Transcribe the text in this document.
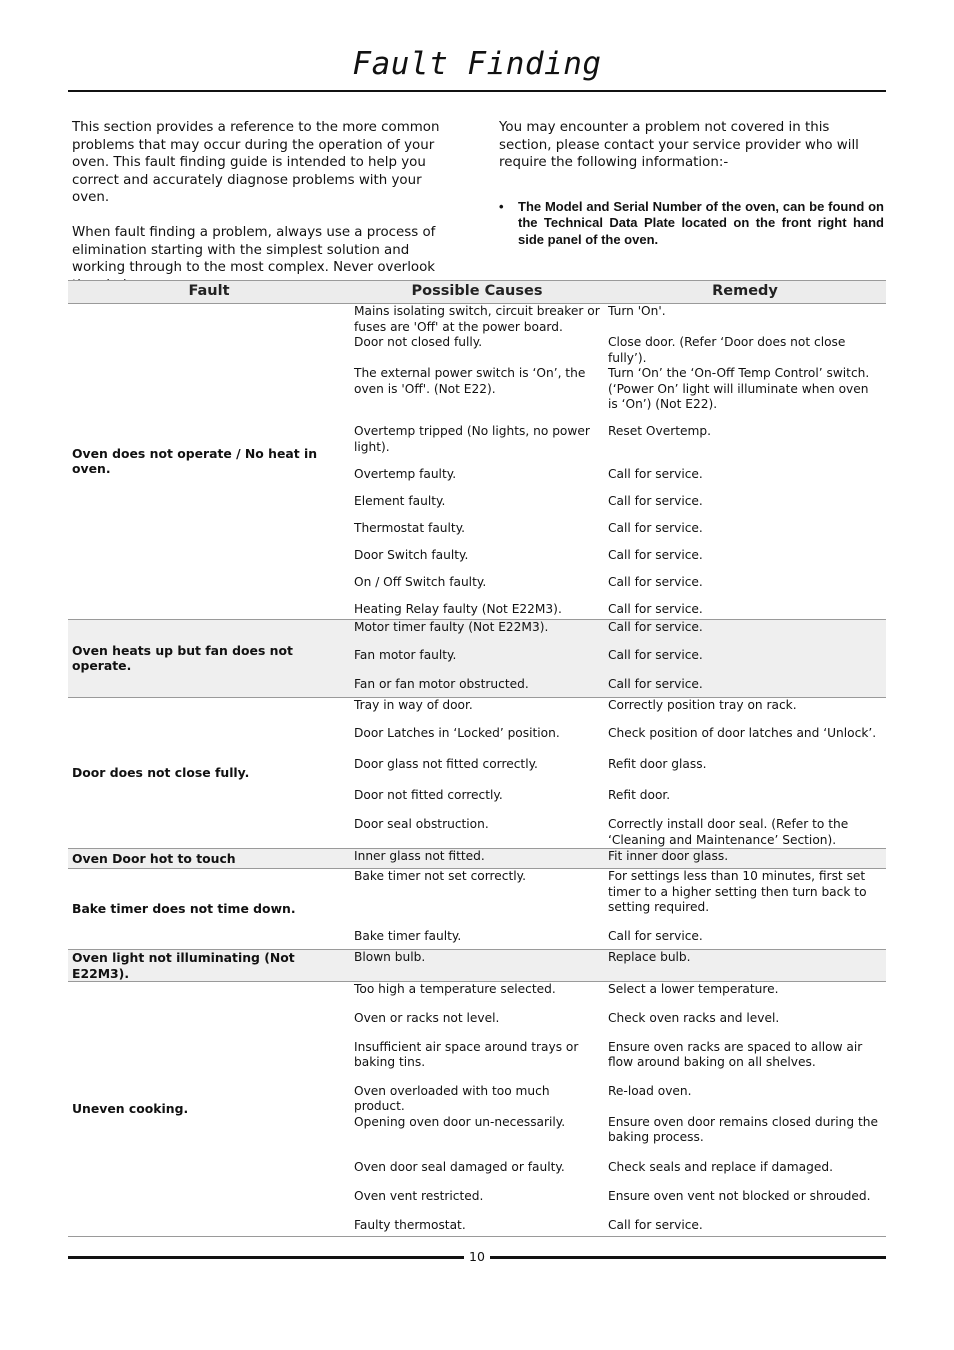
Fault Finding

This section provides a reference to the more common problems that may occur during the operation of your oven. This fault finding guide is intended to help you correct and accurately diagnose problems with your oven.

When fault finding a problem, always use a process of elimination starting with the simplest solution and working through to the most complex. Never overlook

You may encounter a problem not covered in this section, please contact your service provider who will require the following information:-

• The Model and Serial Number of the oven, can be found on the Technical Data Plate located on the front right hand side panel of the oven.
Fault	Possible Causes	Remedy
Oven does not operate / No heat in oven.	Mains isolating switch, circuit breaker or fuses are 'Off' at the power board.	Turn 'On'.
	Door not closed fully.	Close door. (Refer ‘Door does not close fully’).
	The external power switch is ‘On’, the oven is 'Off'. (Not E22).	Turn ‘On’ the ‘On-Off Temp Control’ switch. (‘Power On’ light will illuminate when oven is ‘On’) (Not E22).
	Overtemp tripped (No lights, no power light).	Reset Overtemp.
	Overtemp faulty.	Call for service.
	Element faulty.	Call for service.
	Thermostat faulty.	Call for service.
	Door Switch faulty.	Call for service.
	On / Off Switch faulty.	Call for service.
	Heating Relay faulty (Not E22M3).	Call for service.
Oven heats up but fan does not operate.	Motor timer faulty (Not E22M3).	Call for service.
	Fan motor faulty.	Call for service.
	Fan or fan motor obstructed.	Call for service.
Door does not close fully.	Tray in way of door.	Correctly position tray on rack.
	Door Latches in ‘Locked’ position.	Check position of door latches and ‘Unlock’.
	Door glass not fitted correctly.	Refit door glass.
	Door not fitted correctly.	Refit door.
	Door seal obstruction.	Correctly install door seal. (Refer to the ‘Cleaning and Maintenance’ Section).
Oven Door hot to touch	Inner glass not fitted.	Fit inner door glass.
Bake timer does not time down.	Bake timer not set correctly.	For settings less than 10 minutes, first set timer to a higher setting then turn back to setting required.
	Bake timer faulty.	Call for service.
Oven light not illuminating (Not E22M3).	Blown bulb.	Replace bulb.
Uneven cooking.	Too high a temperature selected.	Select a lower temperature.
	Oven or racks not level.	Check oven racks and level.
	Insufficient air space around trays or baking tins.	Ensure oven racks are spaced to allow air flow around baking on all shelves.
	Oven overloaded with too much product.	Re-load oven.
	Opening oven door un-necessarily.	Ensure oven door remains closed during the baking process.
	Oven door seal damaged or faulty.	Check seals and replace if damaged.
	Oven vent restricted.	Ensure oven vent not blocked or shrouded.
	Faulty thermostat.	Call for service.
10
